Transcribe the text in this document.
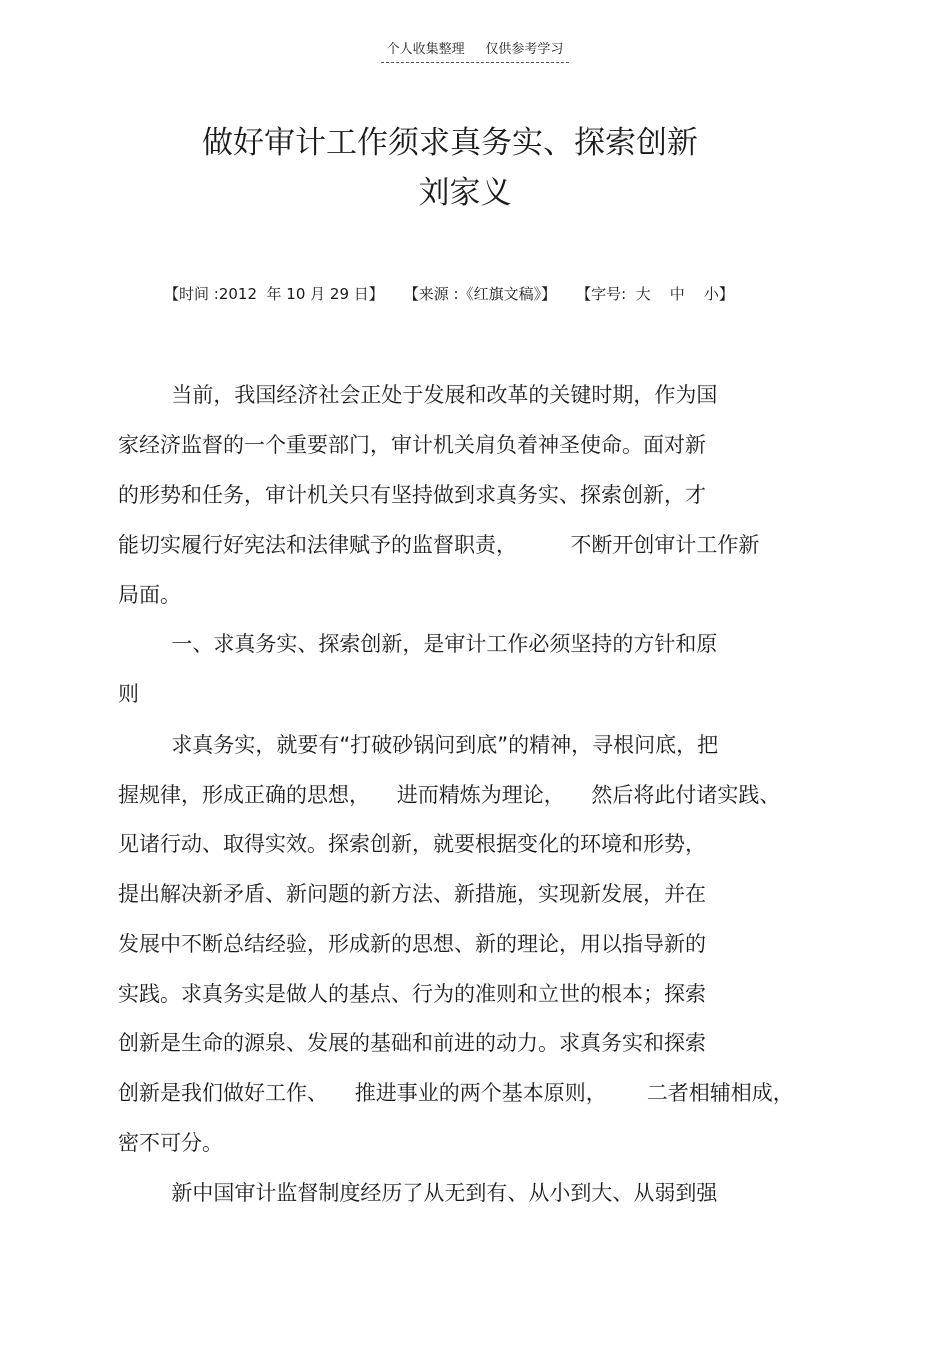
个人收集整理     仅供参考学习
做好审计工作须求真务实、探索创新
刘家义
【时间 :2012  年 10 月 29 日】 【来源 :《红旗文稿》】 【字号:  大    中    小】
当前，我国经济社会正处于发展和改革的关键时期，作为国
家经济监督的一个重要部门，审计机关肩负着神圣使命。面对新
的形势和任务，审计机关只有坚持做到求真务实、探索创新，才
能切实履行好宪法和法律赋予的监督职责，        不断开创审计工作新
局面。
一、求真务实、探索创新，是审计工作必须坚持的方针和原
则
求真务实，就要有“打破砂锅问到底”的精神，寻根问底，把
握规律，形成正确的思想，    进而精炼为理论，    然后将此付诸实践、
见诸行动、取得实效。探索创新，就要根据变化的环境和形势，
提出解决新矛盾、新问题的新方法、新措施，实现新发展，并在
发展中不断总结经验，形成新的思想、新的理论，用以指导新的
实践。求真务实是做人的基点、行为的准则和立世的根本；探索
创新是生命的源泉、发展的基础和前进的动力。求真务实和探索
创新是我们做好工作、    推进事业的两个基本原则，      二者相辅相成，
密不可分。
新中国审计监督制度经历了从无到有、从小到大、从弱到强
